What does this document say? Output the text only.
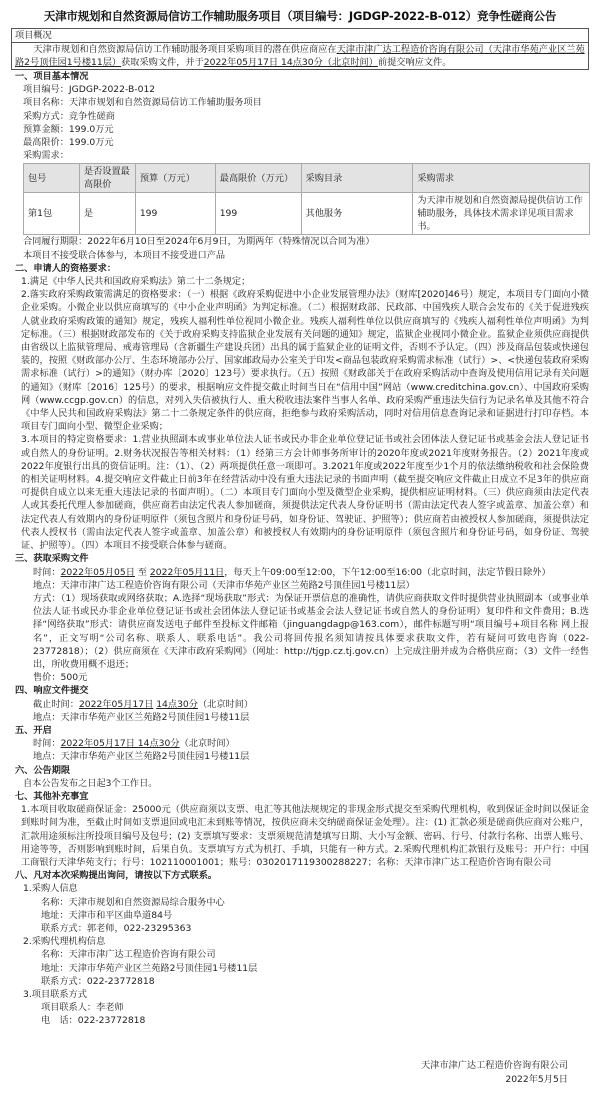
天津市规划和自然资源局信访工作辅助服务项目（项目编号：JGDGP-2022-B-012）竞争性磋商公告
项目概况
天津市规划和自然资源局信访工作辅助服务项目采购项目的潜在供应商应在天津市津广达工程造价咨询有限公司（天津市华苑产业区兰苑路2号顶佳园1号楼11层）获取采购文件，并于2022年05月17日 14点30分（北京时间）前提交响应文件。

一、项目基本情况

项目编号：JGDGP-2022-B-012

项目名称：天津市规划和自然资源局信访工作辅助服务项目

采购方式：竞争性磋商

预算金额：199.0万元

最高限价：199.0万元

采购需求：

包号	是否设置最高限价	预算（万元）	最高限价（万元）	采购目录	采购需求
第1包	是	199	199	其他服务	为天津市规划和自然资源局提供信访工作辅助服务，具体技术需求详见项目需求书。

合同履行期限：2022年6月10日至2024年6月9日，为期两年（特殊情况以合同为准）

本项目不接受联合体参与，本项目不接受进口产品

二、申请人的资格要求：

1.满足《中华人民共和国政府采购法》第二十二条规定；

2.落实政府采购政策需满足的资格要求：（一）根据《政府采购促进中小企业发展管理办法》（财库[2020]46号）规定，本项目专门面向小微企业采购。小微企业以供应商填写的《中小企业声明函》为判定标准。（二）根据财政部、民政部、中国残疾人联合会发布的《关于促进残疾人就业政府采购政策的通知》规定，残疾人福利性单位视同小微企业。残疾人福利性单位以供应商填写的《残疾人福利性单位声明函》为判定标准。（三）根据财政部发布的《关于政府采购支持监狱企业发展有关问题的通知》规定，监狱企业视同小微企业。监狱企业须供应商提供由省级以上监狱管理局、戒毒管理局（含新疆生产建设兵团）出具的属于监狱企业的证明文件，否则不予认定。（四）涉及商品包装或快递包装的，按照《财政部办公厅、生态环境部办公厅、国家邮政局办公室关于印发<商品包装政府采购需求标准（试行）>、<快递包装政府采购需求标准（试行）>的通知》（财办库〔2020〕123号）要求执行。（五）按照《财政部关于在政府采购活动中查询及使用信用记录有关问题的通知》（财库〔2016〕125号）的要求，根据响应文件提交截止时间当日在“信用中国”网站（www.creditchina.gov.cn）、中国政府采购网（www.ccgp.gov.cn）的信息，对列入失信被执行人、重大税收违法案件当事人名单、政府采购严重违法失信行为记录名单及其他不符合《中华人民共和国政府采购法》第二十二条规定条件的供应商，拒绝参与政府采购活动，同时对信用信息查询记录和证据进行打印存档。本项目专门面向小型、微型企业采购；

3.本项目的特定资格要求：1.营业执照副本或事业单位法人证书或民办非企业单位登记证书或社会团体法人登记证书或基金会法人登记证书或自然人的身份证明。2.财务状况报告等相关材料：（1）经第三方会计师事务所审计的2020年度或2021年度财务报告。（2）2021年度或2022年度银行出具的资信证明。注：（1）、（2）两项提供任意一项即可。3.2021年度或2022年度至少1个月的依法缴纳税收和社会保险费的相关证明材料。4.提交响应文件截止日前3年在经营活动中没有重大违法记录的书面声明（截至提交响应文件截止日成立不足3年的供应商可提供自成立以来无重大违法记录的书面声明）。（二）本项目专门面向小型及微型企业采购，提供相应证明材料。（三）供应商须由法定代表人或其委托代理人参加磋商，供应商若由法定代表人参加磋商，须提供法定代表人身份证明书（需由法定代表人签字或盖章、加盖公章）和法定代表人有效期内的身份证明原件（须包含照片和身份证号码，如身份证、驾驶证、护照等）；供应商若由被授权人参加磋商，须提供法定代表人授权书（需由法定代表人签字或盖章、加盖公章）和被授权人有效期内的身份证明原件（须包含照片和身份证号码，如身份证、驾驶证、护照等）。（四）本项目不接受联合体参与磋商。

三、获取采购文件

时间：2022年05月05日 至 2022年05月11日，每天上午09:00至12:00，下午12:00至16:00（北京时间，法定节假日除外）

地点：天津市津广达工程造价咨询有限公司（天津市华苑产业区兰苑路2号顶佳园1号楼11层）

方式：（1）现场获取或网络获取；A.选择“现场获取”形式：为保证开票信息的准确性，请供应商获取文件时提供营业执照副本（或事业单位法人证书或民办非企业单位登记证书或社会团体法人登记证书或基金会法人登记证书或自然人的身份证明）复印件和文件费用；B.选择“网络获取”形式：请供应商发送电子邮件至投标文件邮箱（jinguangdagp@163.com），邮件标题写明“项目编号+项目名称 网上报名”，正文写明“公司名称、联系人、联系电话”。我公司将回传报名须知请按具体要求获取文件，若有疑问可致电咨询（022-23772818）；（2）供应商须在《天津市政府采购网》（网址：http://tjgp.cz.tj.gov.cn）上完成注册并成为合格供应商；（3）文件一经售出，所收费用概不退还；

售价：500元

四、响应文件提交

截止时间：2022年05月17日 14点30分（北京时间）

地点：天津市华苑产业区兰苑路2号顶佳园1号楼11层

五、开启

时间：2022年05月17日 14点30分（北京时间）

地点：天津市华苑产业区兰苑路2号顶佳园1号楼11层

六、公告期限

自本公告发布之日起3个工作日。

七、其他补充事宜

1.本项目收取磋商保证金：25000元（供应商须以支票、电汇等其他法规规定的非现金形式提交至采购代理机构，收到保证金时间以保证金到账时间为准，至截止时间如支票退回或电汇未到账等情况，按供应商未交纳磋商保证金处理）。注：(1) 汇款必须是磋商供应商对公账户，汇款用途须标注所投项目编号及包号；(2) 支票填写要求：支票须规范清楚填写日期、大小写金额、密码、行号、付款行名称、出票人账号、用途等等，否则影响到账时间，后果自负。支票填写方式为机打、手填，只能有一种方式。2.采购代理机构汇款银行及账号：开户行：中国工商银行天津华苑支行；行号：102110001001；账号：0302017119300288227；名称：天津市津广达工程造价咨询有限公司

八、凡对本次采购提出询问，请按以下方式联系。

1.采购人信息

名称：天津市规划和自然资源局综合服务中心

地址：天津市和平区曲阜道84号

联系方式：郭老师，022-23295363

2.采购代理机构信息

名称：天津市津广达工程造价咨询有限公司

地址：天津市华苑产业区兰苑路2号顶佳园1号楼11层

联系方式：022-23772818

3.项目联系方式

项目联系人：李老师

电　话：022-23772818

天津市津广达工程造价咨询有限公司
2022年5月5日
